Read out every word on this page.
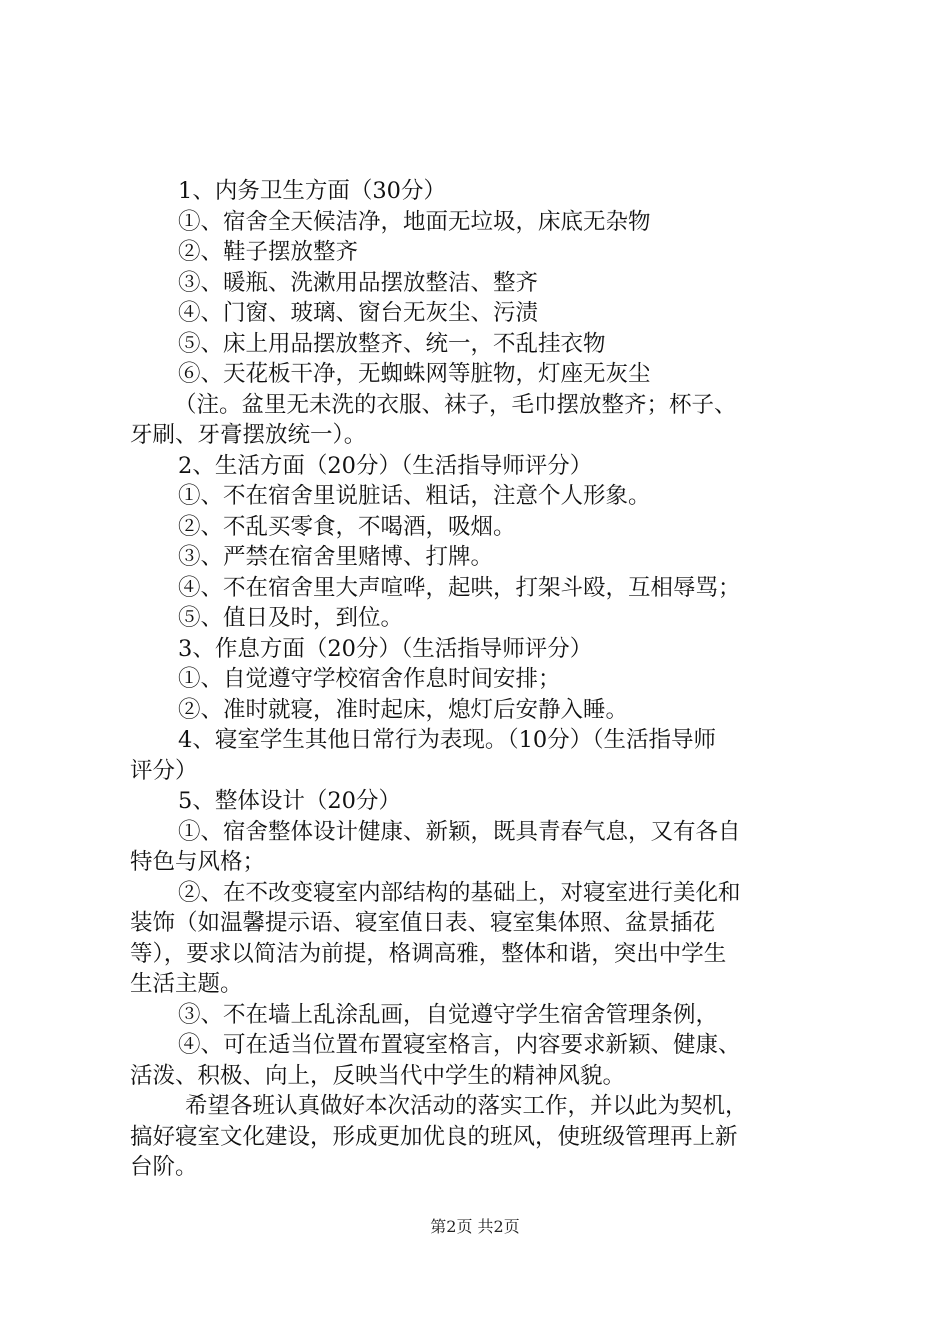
1、内务卫生方面（30分）
①、宿舍全天候洁净，地面无垃圾，床底无杂物
②、鞋子摆放整齐
③、暖瓶、洗漱用品摆放整洁、整齐
④、门窗、玻璃、窗台无灰尘、污渍
⑤、床上用品摆放整齐、统一，不乱挂衣物
⑥、天花板干净，无蜘蛛网等脏物，灯座无灰尘
（注。盆里无未洗的衣服、袜子，毛巾摆放整齐；杯子、
牙刷、牙膏摆放统一）。
2、生活方面（20分）（生活指导师评分）
①、不在宿舍里说脏话、粗话，注意个人形象。
②、不乱买零食，不喝酒，吸烟。
③、严禁在宿舍里赌博、打牌。
④、不在宿舍里大声喧哗，起哄，打架斗殴，互相辱骂；
⑤、值日及时，到位。
3、作息方面（20分）（生活指导师评分）
①、自觉遵守学校宿舍作息时间安排；
②、准时就寝，准时起床，熄灯后安静入睡。
4、寝室学生其他日常行为表现。（10分）（生活指导师
评分）
5、整体设计（20分）
①、宿舍整体设计健康、新颖，既具青春气息，又有各自
特色与风格；
②、在不改变寝室内部结构的基础上，对寝室进行美化和
装饰（如温馨提示语、寝室值日表、寝室集体照、盆景插花
等），要求以简洁为前提，格调高雅，整体和谐，突出中学生
生活主题。
③、不在墙上乱涂乱画，自觉遵守学生宿舍管理条例，
④、可在适当位置布置寝室格言，内容要求新颖、健康、
活泼、积极、向上，反映当代中学生的精神风貌。
希望各班认真做好本次活动的落实工作，并以此为契机，
搞好寝室文化建设，形成更加优良的班风，使班级管理再上新
台阶。
第2页 共2页
